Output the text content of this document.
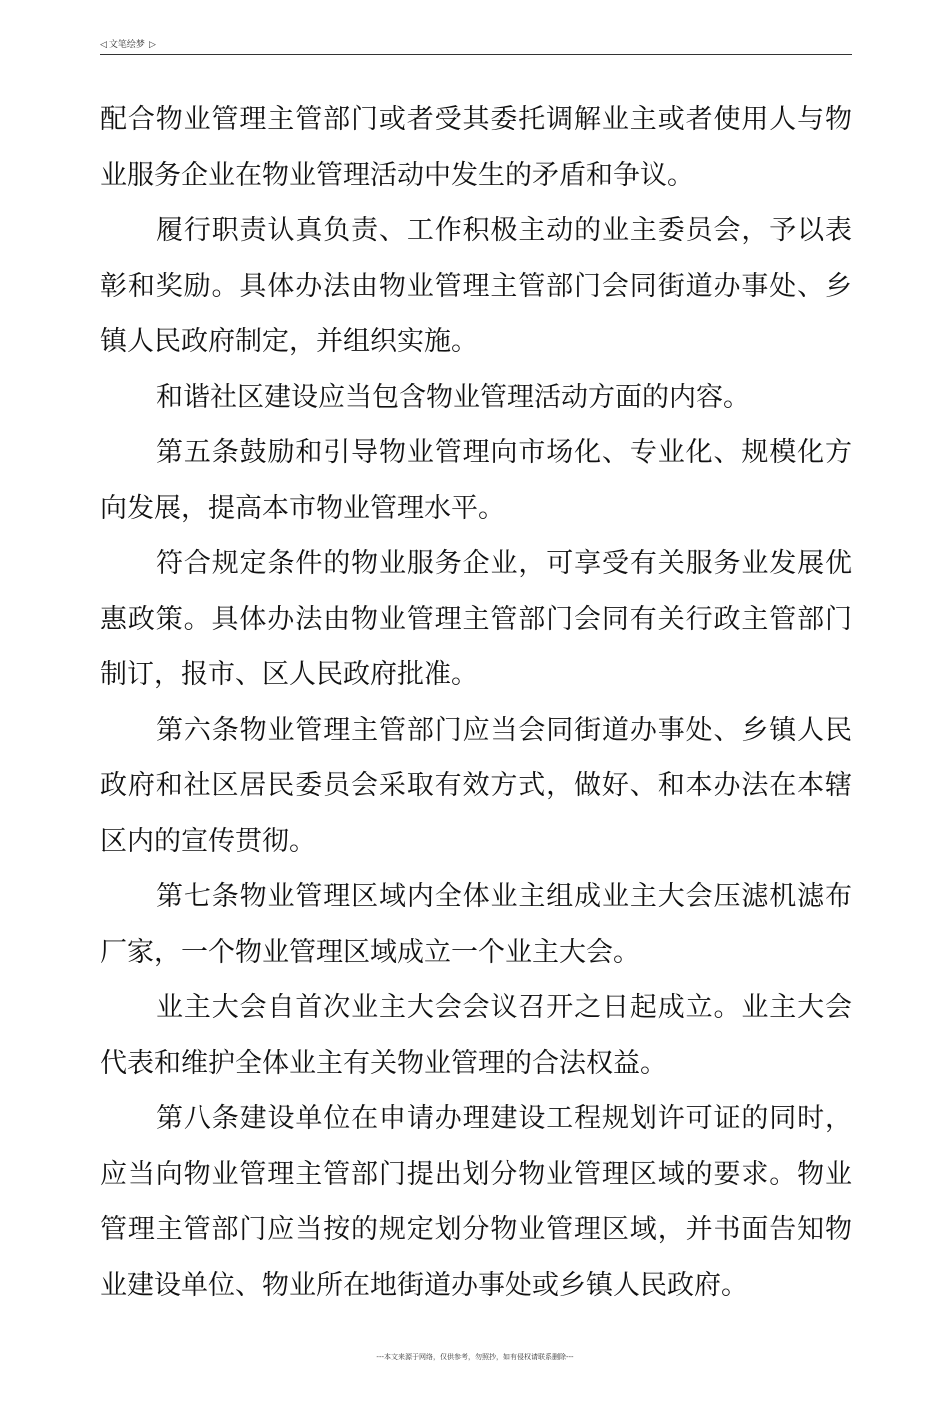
◁ 文笔绘梦 ▷

配合物业管理主管部门或者受其委托调解业主或者使用人与物业服务企业在物业管理活动中发生的矛盾和争议。

履行职责认真负责、工作积极主动的业主委员会，予以表彰和奖励。具体办法由物业管理主管部门会同街道办事处、乡镇人民政府制定，并组织实施。

和谐社区建设应当包含物业管理活动方面的内容。

第五条鼓励和引导物业管理向市场化、专业化、规模化方向发展，提高本市物业管理水平。

符合规定条件的物业服务企业，可享受有关服务业发展优惠政策。具体办法由物业管理主管部门会同有关行政主管部门制订，报市、区人民政府批准。

第六条物业管理主管部门应当会同街道办事处、乡镇人民政府和社区居民委员会采取有效方式，做好、和本办法在本辖区内的宣传贯彻。

第七条物业管理区域内全体业主组成业主大会压滤机滤布厂家，一个物业管理区域成立一个业主大会。

业主大会自首次业主大会会议召开之日起成立。业主大会代表和维护全体业主有关物业管理的合法权益。

第八条建设单位在申请办理建设工程规划许可证的同时，应当向物业管理主管部门提出划分物业管理区域的要求。物业管理主管部门应当按的规定划分物业管理区域，并书面告知物业建设单位、物业所在地街道办事处或乡镇人民政府。

---本文来源于网络，仅供参考，勿照抄，如有侵权请联系删除---
